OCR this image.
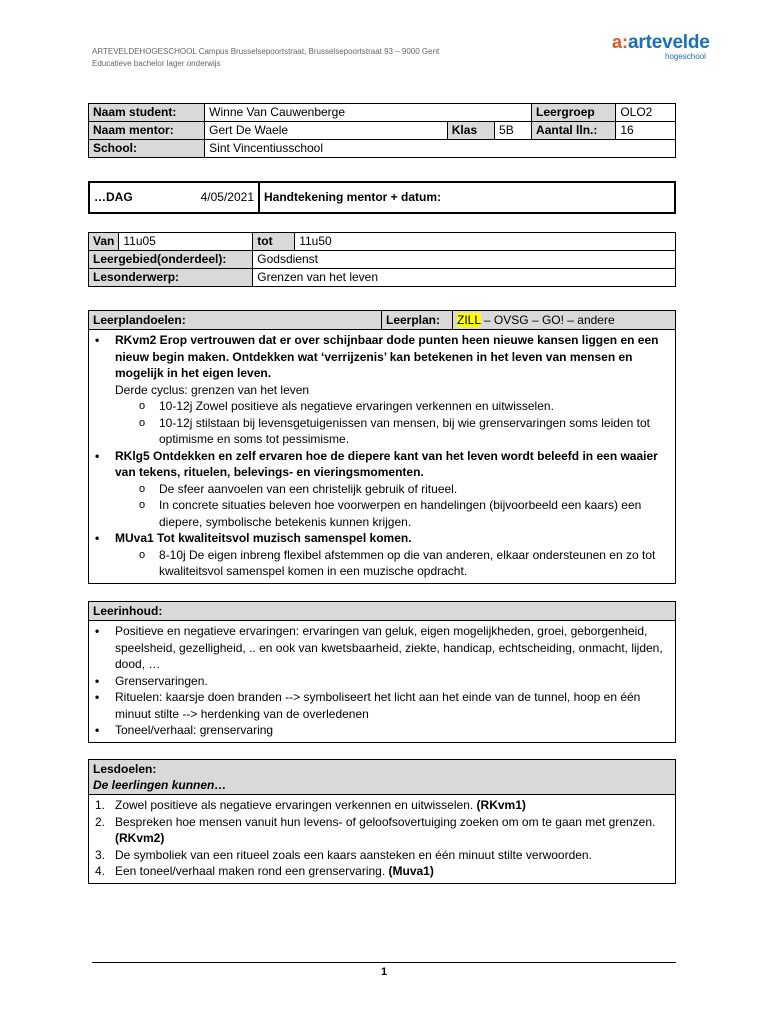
ARTEVELDEHOGESCHOOL Campus Brusselsepoortstraat, Brusselsepoortstraat 93 – 9000 Gent
Educatieve bachelor lager onderwijs
a:artevelde
hogeschool
Naam student:	Winne Van Cauwenberge			Leergroep	OLO2
Naam mentor:	Gert De Waele	Klas	5B	Aantal lln.:	16
School:	Sint Vincentiusschool				
…DAG	4/05/2021	Handtekening mentor + datum:
Van	11u05	tot	11u50
Leergebied(onderdeel):		Godsdienst	
Lesonderwerp:		Grenzen van het leven	
Leerplandoelen:	Leerplan:	ZILL – OVSG – GO! – andere
• RKvm2 Erop vertrouwen dat er over schijnbaar dode punten heen nieuwe kansen liggen en een nieuw begin maken. Ontdekken wat ‘verrijzenis’ kan betekenen in het leven van mensen en mogelijk in het eigen leven.
Derde cyclus: grenzen van het leven
o 10-12j Zowel positieve als negatieve ervaringen verkennen en uitwisselen.
o 10-12j stilstaan bij levensgetuigenissen van mensen, bij wie grenservaringen soms leiden tot optimisme en soms tot pessimisme.
• RKlg5 Ontdekken en zelf ervaren hoe de diepere kant van het leven wordt beleefd in een waaier van tekens, rituelen, belevings- en vieringsmomenten.
o De sfeer aanvoelen van een christelijk gebruik of ritueel.
o In concrete situaties beleven hoe voorwerpen en handelingen (bijvoorbeeld een kaars) een diepere, symbolische betekenis kunnen krijgen.
• MUva1 Tot kwaliteitsvol muzisch samenspel komen.
o 8-10j De eigen inbreng flexibel afstemmen op die van anderen, elkaar ondersteunen en zo tot kwaliteitsvol samenspel komen in een muzische opdracht.
Leerinhoud:
• Positieve en negatieve ervaringen: ervaringen van geluk, eigen mogelijkheden, groei, geborgenheid, speelsheid, gezelligheid, .. en ook van kwetsbaarheid, ziekte, handicap, echtscheiding, onmacht, lijden, dood, …
• Grenservaringen.
• Rituelen: kaarsje doen branden --> symboliseert het licht aan het einde van de tunnel, hoop en één minuut stilte --> herdenking van de overledenen
• Toneel/verhaal: grenservaring
Lesdoelen:
De leerlingen kunnen…
1. Zowel positieve als negatieve ervaringen verkennen en uitwisselen. (RKvm1)
2. Bespreken hoe mensen vanuit hun levens- of geloofsovertuiging zoeken om om te gaan met grenzen. (RKvm2)
3. De symboliek van een ritueel zoals een kaars aansteken en één minuut stilte verwoorden.
4. Een toneel/verhaal maken rond een grenservaring. (Muva1)
1
